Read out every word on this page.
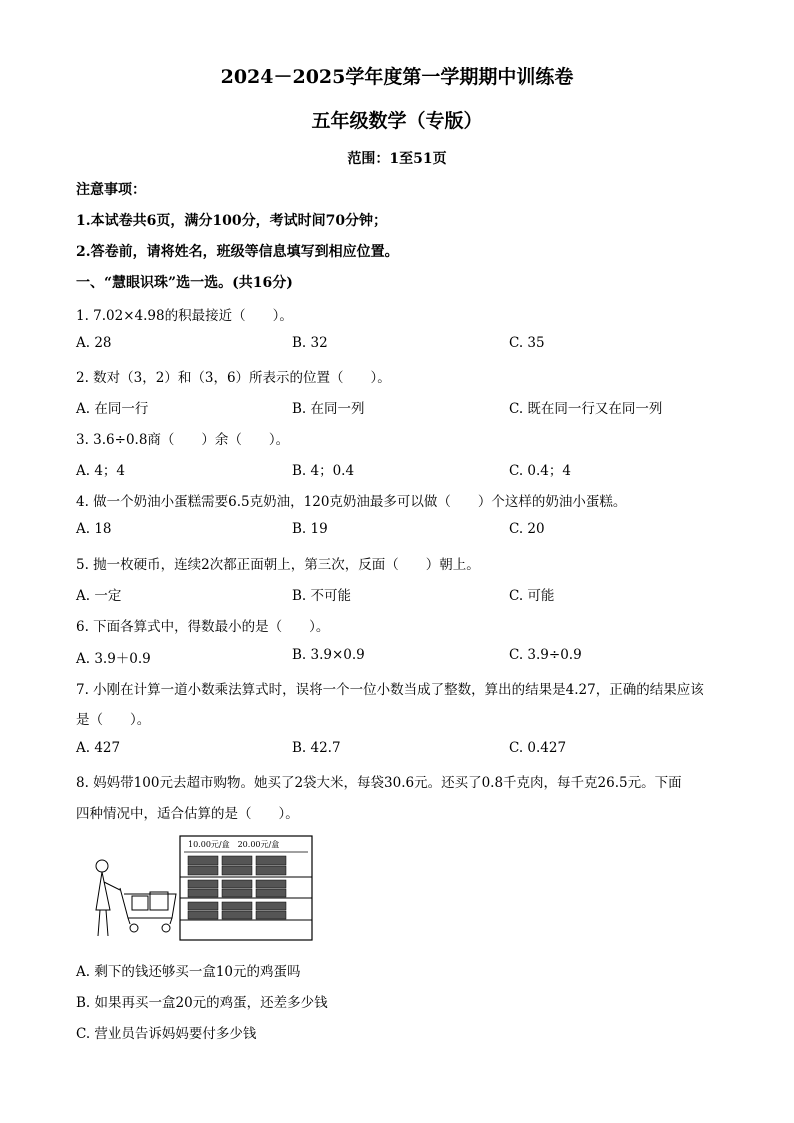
2024－2025学年度第一学期期中训练卷
五年级数学（专版）
范围：1至51页
注意事项：
1.本试卷共6页，满分100分，考试时间70分钟；
2.答卷前，请将姓名，班级等信息填写到相应位置。
一、“慧眼识珠”选一选。(共16分)
1. 7.02×4.98的积最接近（　　）。
A. 28	B. 32	C. 35
2. 数对（3，2）和（3，6）所表示的位置（　　）。
A. 在同一行	B. 在同一列	C. 既在同一行又在同一列
3. 3.6÷0.8商（　　）余（　　）。
A. 4；4	B. 4；0.4	C. 0.4；4
4. 做一个奶油小蛋糕需要6.5克奶油，120克奶油最多可以做（　　）个这样的奶油小蛋糕。
A. 18	B. 19	C. 20
5. 抛一枚硬币，连续2次都正面朝上，第三次，反面（　　）朝上。
A. 一定	B. 不可能	C. 可能
6. 下面各算式中，得数最小的是（　　）。
A. 3.9＋0.9	B. 3.9×0.9	C. 3.9÷0.9
7. 小刚在计算一道小数乘法算式时，误将一个一位小数当成了整数，算出的结果是4.27，正确的结果应该
是（　　）。
A. 427	B. 42.7	C. 0.427
8. 妈妈带100元去超市购物。她买了2袋大米，每袋30.6元。还买了0.8千克肉，每千克26.5元。下面
四种情况中，适合估算的是（　　）。
10.00元/盒　20.00元/盒
A. 剩下的钱还够买一盒10元的鸡蛋吗
B. 如果再买一盒20元的鸡蛋，还差多少钱
C. 营业员告诉妈妈要付多少钱
